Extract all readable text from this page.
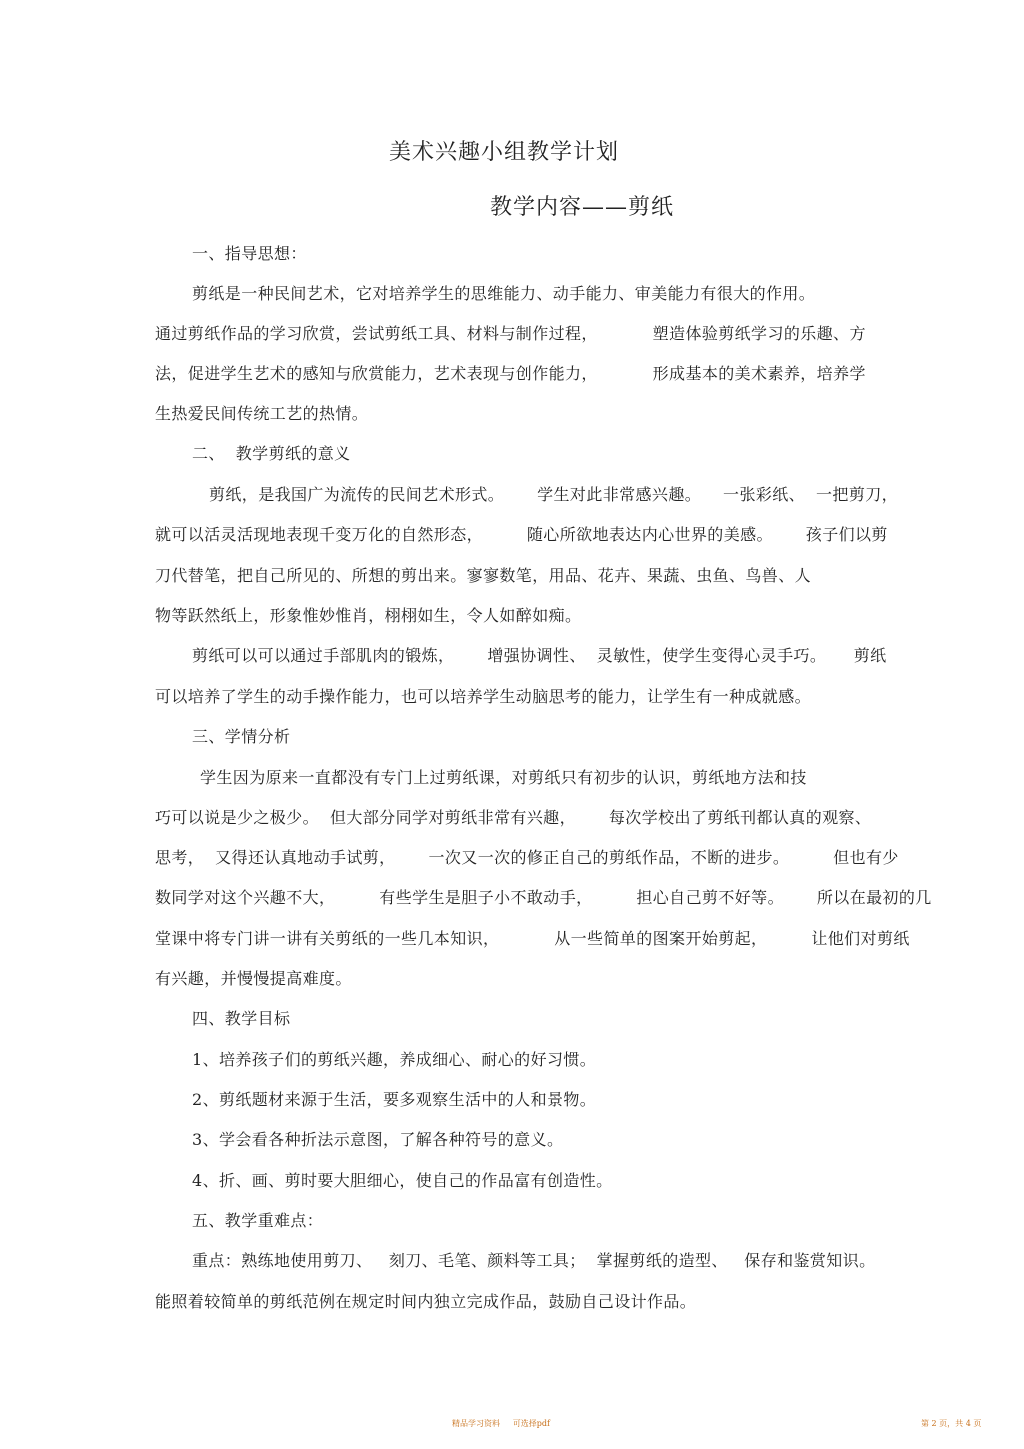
美术兴趣小组教学计划
教学内容——剪纸
一、指导思想：
剪纸是一种民间艺术，它对培养学生的思维能力、动手能力、审美能力有很大的作用。
通过剪纸作品的学习欣赏，尝试剪纸工具、材料与制作过程，          塑造体验剪纸学习的乐趣、方
法，促进学生艺术的感知与欣赏能力，艺术表现与创作能力，          形成基本的美术素养，培养学
生热爱民间传统工艺的热情。
二、  教学剪纸的意义
剪纸，是我国广为流传的民间艺术形式。      学生对此非常感兴趣。    一张彩纸、  一把剪刀，
就可以活灵活现地表现千变万化的自然形态，        随心所欲地表达内心世界的美感。      孩子们以剪
刀代替笔，把自己所见的、所想的剪出来。寥寥数笔，用品、花卉、果蔬、虫鱼、鸟兽、人
物等跃然纸上，形象惟妙惟肖，栩栩如生，令人如醉如痴。
剪纸可以可以通过手部肌肉的锻炼，      增强协调性、  灵敏性，使学生变得心灵手巧。     剪纸
可以培养了学生的动手操作能力，也可以培养学生动脑思考的能力，让学生有一种成就感。
三、学情分析
学生因为原来一直都没有专门上过剪纸课，对剪纸只有初步的认识，剪纸地方法和技
巧可以说是少之极少。  但大部分同学对剪纸非常有兴趣，      每次学校出了剪纸刊都认真的观察、
思考，  又得还认真地动手试剪，      一次又一次的修正自己的剪纸作品，不断的进步。        但也有少
数同学对这个兴趣不大，        有些学生是胆子小不敢动手，        担心自己剪不好等。      所以在最初的几
堂课中将专门讲一讲有关剪纸的一些几本知识，          从一些简单的图案开始剪起，        让他们对剪纸
有兴趣，并慢慢提高难度。
四、教学目标
1、培养孩子们的剪纸兴趣，养成细心、耐心的好习惯。
2、剪纸题材来源于生活，要多观察生活中的人和景物。
3、学会看各种折法示意图，了解各种符号的意义。
4、折、画、剪时要大胆细心，使自己的作品富有创造性。
五、教学重难点：
重点：熟练地使用剪刀、   刻刀、毛笔、颜料等工具；  掌握剪纸的造型、   保存和鉴赏知识。
能照着较简单的剪纸范例在规定时间内独立完成作品，鼓励自己设计作品。
精品学习资料     可选择pdf	第 2 页，共 4 页
